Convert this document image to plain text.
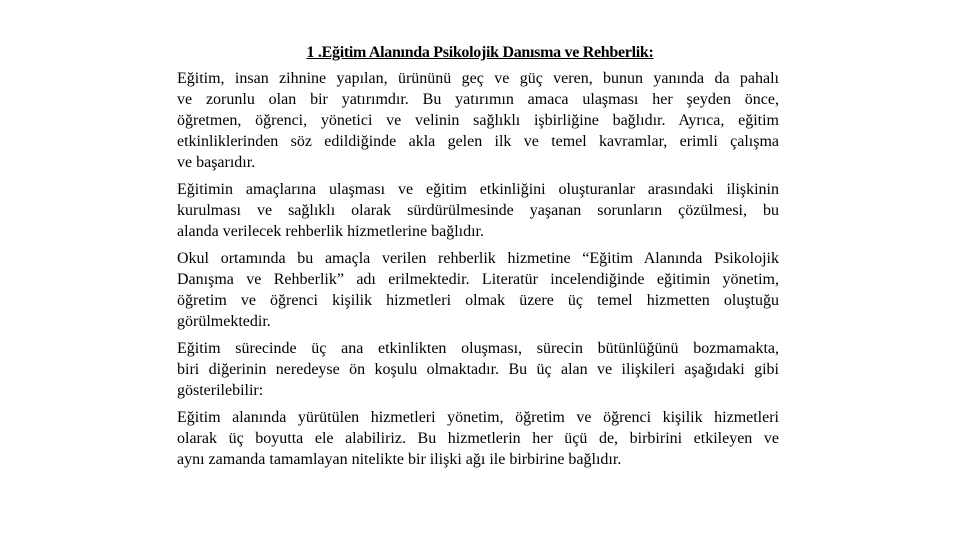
1 .Eğitim Alanında Psikolojik Danısma ve Rehberlik:
Eğitim, insan zihnine yapılan, ürününü geç ve güç veren, bunun yanında da pahalı
ve zorunlu olan bir yatırımdır. Bu yatırımın amaca ulaşması her şeyden önce,
öğretmen, öğrenci, yönetici ve velinin sağlıklı işbirliğine bağlıdır. Ayrıca, eğitim
etkinliklerinden söz edildiğinde akla gelen ilk ve temel kavramlar, erimli çalışma
ve başarıdır.
Eğitimin amaçlarına ulaşması ve eğitim etkinliğini oluşturanlar arasındaki ilişkinin
kurulması ve sağlıklı olarak sürdürülmesinde yaşanan sorunların çözülmesi, bu
alanda verilecek rehberlik hizmetlerine bağlıdır.
Okul ortamında bu amaçla verilen rehberlik hizmetine “Eğitim Alanında Psikolojik
Danışma ve Rehberlik” adı erilmektedir. Literatür incelendiğinde eğitimin yönetim,
öğretim ve öğrenci kişilik hizmetleri olmak üzere üç temel hizmetten oluştuğu
görülmektedir.
Eğitim sürecinde üç ana etkinlikten oluşması, sürecin bütünlüğünü bozmamakta,
biri diğerinin neredeyse ön koşulu olmaktadır. Bu üç alan ve ilişkileri aşağıdaki gibi
gösterilebilir:
Eğitim alanında yürütülen hizmetleri yönetim, öğretim ve öğrenci kişilik hizmetleri
olarak üç boyutta ele alabiliriz. Bu hizmetlerin her üçü de, birbirini etkileyen ve
aynı zamanda tamamlayan nitelikte bir ilişki ağı ile birbirine bağlıdır.
